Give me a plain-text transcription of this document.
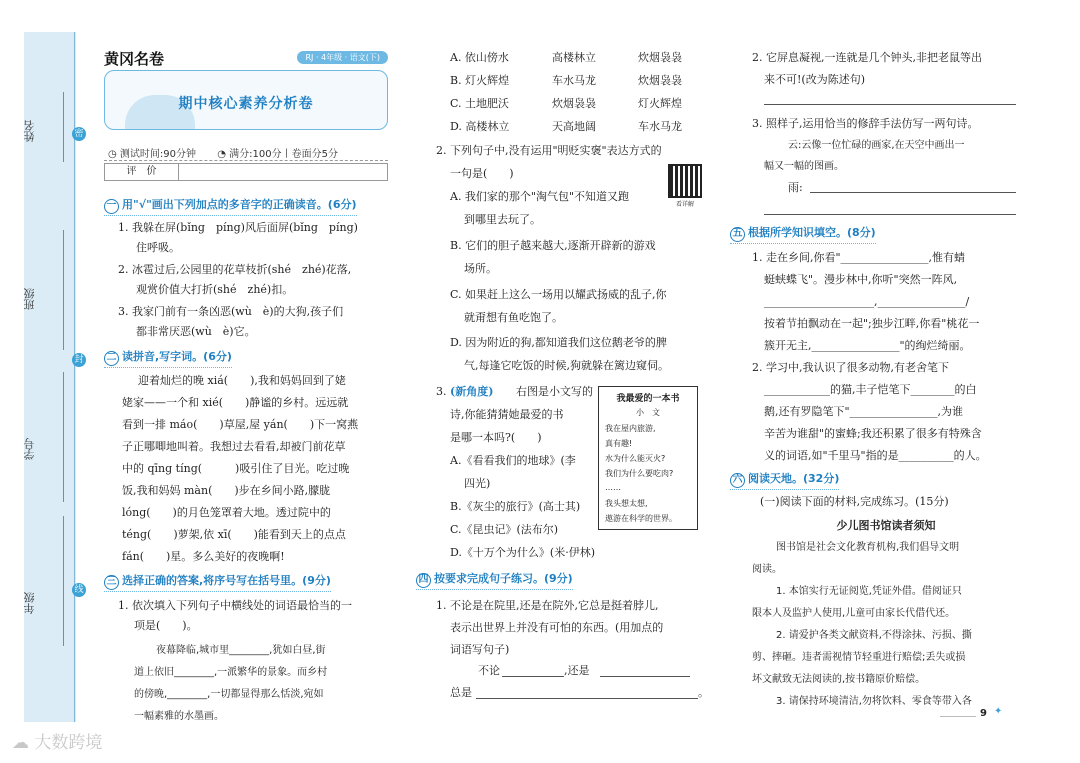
姓名
班级
学号
年级
密
封
线
黄冈名卷	RJ · 4年级 · 语文(下)
期中核心素养分析卷
◷ 测试时间:90分钟 ◔ 满分:100分丨卷面分5分
评　价
一 用"√"画出下列加点的多音字的正确读音。(6分)
1. 我躲在屏(bǐng　píng)风后面屏(bǐng　píng)
住呼吸。
2. 冰雹过后,公园里的花草枝折(shé　zhé)花落,
观赏价值大打折(shé　zhé)扣。
3. 我家门前有一条凶恶(wù　è)的大狗,孩子们
都非常厌恶(wù　è)它。
二 读拼音,写字词。(6分)
迎着灿烂的晚 xiá(　　),我和妈妈回到了姥
姥家——一个和 xié(　　)静谧的乡村。远远就
看到一排 máo(　　)草屋,屋 yán(　　)下一窝燕
子正哪唧地叫着。我想过去看看,却被门前花草
中的 qīng tíng(　　　)吸引住了目光。吃过晚
饭,我和妈妈 màn(　　)步在乡间小路,朦胧
lóng(　　)的月色笼罩着大地。透过院中的
téng(　　)萝架,依 xī(　　)能看到天上的点点
fán(　　)星。多么美好的夜晚啊!
三 选择正确的答案,将序号写在括号里。(9分)
1. 依次填入下列句子中横线处的词语最恰当的一
项是(　　)。
夜幕降临,城市里________,犹如白昼,街
道上依旧________,一派繁华的景象。而乡村
的傍晚,________,一切都显得那么恬淡,宛如
一幅素雅的水墨画。
A. 依山傍水	高楼林立	炊烟袅袅
B. 灯火辉煌	车水马龙	炊烟袅袅
C. 土地肥沃	炊烟袅袅	灯火辉煌
D. 高楼林立	天高地阔	车水马龙
2. 下列句子中,没有运用"明贬实褒"表达方式的
一句是(　　)
A. 我们家的那个"淘气包"不知道又跑
到哪里去玩了。
B. 它们的胆子越来越大,逐渐开辟新的游戏
场所。
C. 如果赶上这么一场用以耀武扬威的乱子,你
就甭想有鱼吃饱了。
D. 因为附近的狗,都知道我们这位鹅老爷的脾
气,每逢它吃饭的时候,狗就躲在篱边窥伺。
看详解
3. (新角度) 右图是小文写的
诗,你能猜猜她最爱的书
是哪一本吗?(　　)
A.《看看我们的地球》(李
四光)
B.《灰尘的旅行》(高士其)
C.《昆虫记》(法布尔)
D.《十万个为什么》(米·伊林)
我最爱的一本书
小　文
我在屋内旅游,
真有趣!
水为什么能灭火?
我们为什么要吃肉?
……
我头想太想,
遨游在科学的世界。
四 按要求完成句子练习。(9分)
1. 不论是在院里,还是在院外,它总是挺着脖儿,
表示出世界上并没有可怕的东西。(用加点的
词语写句子)
不论	,还是
总是	。
2. 它屏息凝视,一连就是几个钟头,非把老鼠等出
来不可!(改为陈述句)
3. 照样子,运用恰当的修辞手法仿写一两句诗。
云:云像一位忙碌的画家,在天空中画出一
幅又一幅的图画。
雨:
五 根据所学知识填空。(8分)
1. 走在乡间,你看"________________,惟有蜻
蜓蛱蝶飞"。漫步林中,你听"突然一阵风,
____________________,________________/
按着节拍飘动在一起";独步江畔,你看"桃花一
簇开无主,________________"的绚烂绮丽。
2. 学习中,我认识了很多动物,有老舍笔下
____________的猫,丰子恺笔下________的白
鹅,还有罗隐笔下"________________,为谁
辛苦为谁甜"的蜜蜂;我还积累了很多有特殊含
义的词语,如"千里马"指的是__________的人。
六 阅读天地。(32分)
(一)阅读下面的材料,完成练习。(15分)
少儿图书馆读者须知
图书馆是社会文化教育机构,我们倡导文明
阅读。
1. 本馆实行无证阅览,凭证外借。借阅证只
限本人及监护人使用,儿童可由家长代借代还。
2. 请爱护各类文献资料,不得涂抹、污损、撕
剪、摔砸。违者需视情节轻重进行赔偿;丢失或损
坏文献致无法阅读的,按书籍原价赔偿。
3. 请保持环境清洁,勿将饮料、零食等带入各
9 ✦
☁ 大数跨境
